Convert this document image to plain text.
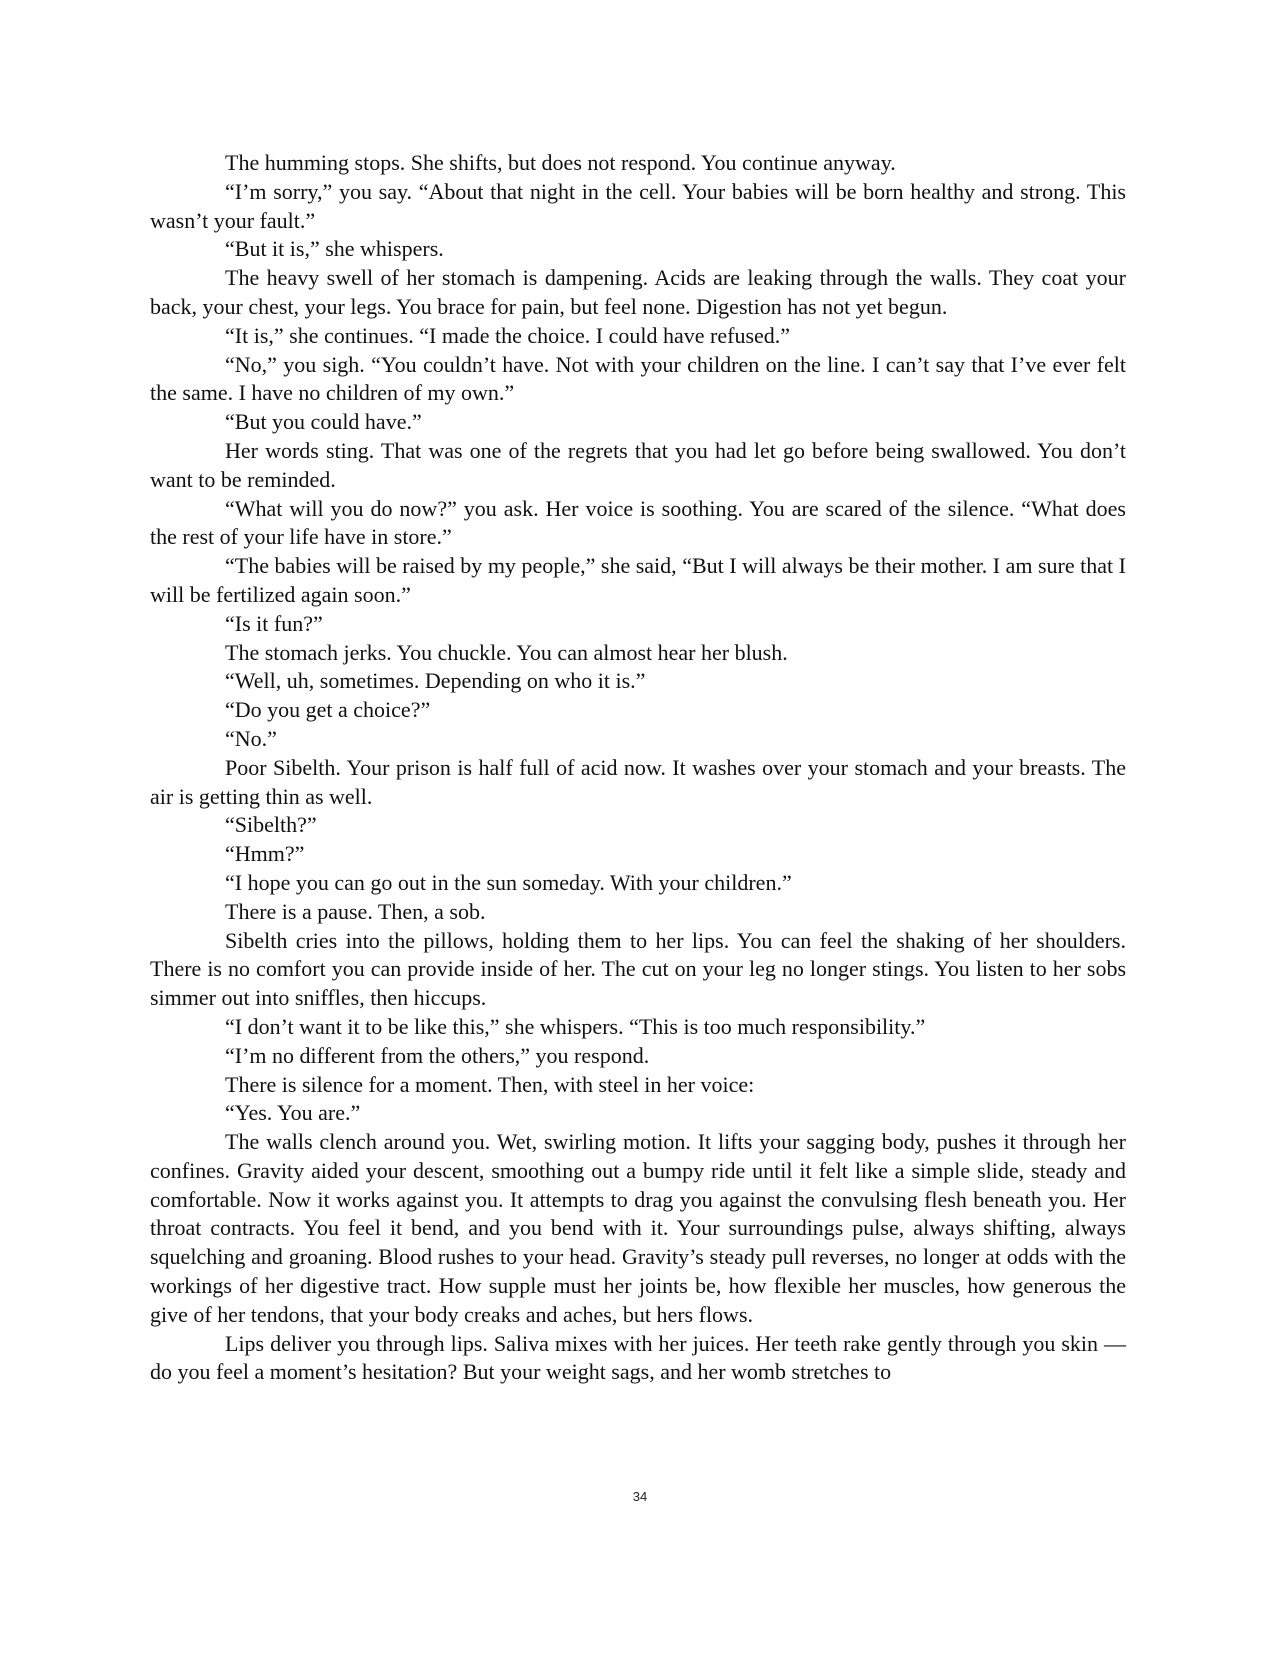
The humming stops. She shifts, but does not respond. You continue anyway.

“I’m sorry,” you say. “About that night in the cell. Your babies will be born healthy and strong. This wasn’t your fault.”

“But it is,” she whispers.

The heavy swell of her stomach is dampening. Acids are leaking through the walls. They coat your back, your chest, your legs. You brace for pain, but feel none. Digestion has not yet begun.

“It is,” she continues. “I made the choice. I could have refused.”

“No,” you sigh. “You couldn’t have. Not with your children on the line. I can’t say that I’ve ever felt the same. I have no children of my own.”

“But you could have.”

Her words sting. That was one of the regrets that you had let go before being swallowed. You don’t want to be reminded.

“What will you do now?” you ask. Her voice is soothing. You are scared of the silence. “What does the rest of your life have in store.”

“The babies will be raised by my people,” she said, “But I will always be their mother. I am sure that I will be fertilized again soon.”

“Is it fun?”

The stomach jerks. You chuckle. You can almost hear her blush.

“Well, uh, sometimes. Depending on who it is.”

“Do you get a choice?”

“No.”

Poor Sibelth. Your prison is half full of acid now. It washes over your stomach and your breasts. The air is getting thin as well.

“Sibelth?”

“Hmm?”

“I hope you can go out in the sun someday. With your children.”

There is a pause. Then, a sob.

Sibelth cries into the pillows, holding them to her lips. You can feel the shaking of her shoulders. There is no comfort you can provide inside of her. The cut on your leg no longer stings. You listen to her sobs simmer out into sniffles, then hiccups.

“I don’t want it to be like this,” she whispers. “This is too much responsibility.”

“I’m no different from the others,” you respond.

There is silence for a moment. Then, with steel in her voice:

“Yes. You are.”

The walls clench around you. Wet, swirling motion. It lifts your sagging body, pushes it through her confines. Gravity aided your descent, smoothing out a bumpy ride until it felt like a simple slide, steady and comfortable. Now it works against you. It attempts to drag you against the convulsing flesh beneath you. Her throat contracts. You feel it bend, and you bend with it. Your surroundings pulse, always shifting, always squelching and groaning. Blood rushes to your head. Gravity’s steady pull reverses, no longer at odds with the workings of her digestive tract. How supple must her joints be, how flexible her muscles, how generous the give of her tendons, that your body creaks and aches, but hers flows.

Lips deliver you through lips. Saliva mixes with her juices. Her teeth rake gently through you skin — do you feel a moment’s hesitation? But your weight sags, and her womb stretches to

34
